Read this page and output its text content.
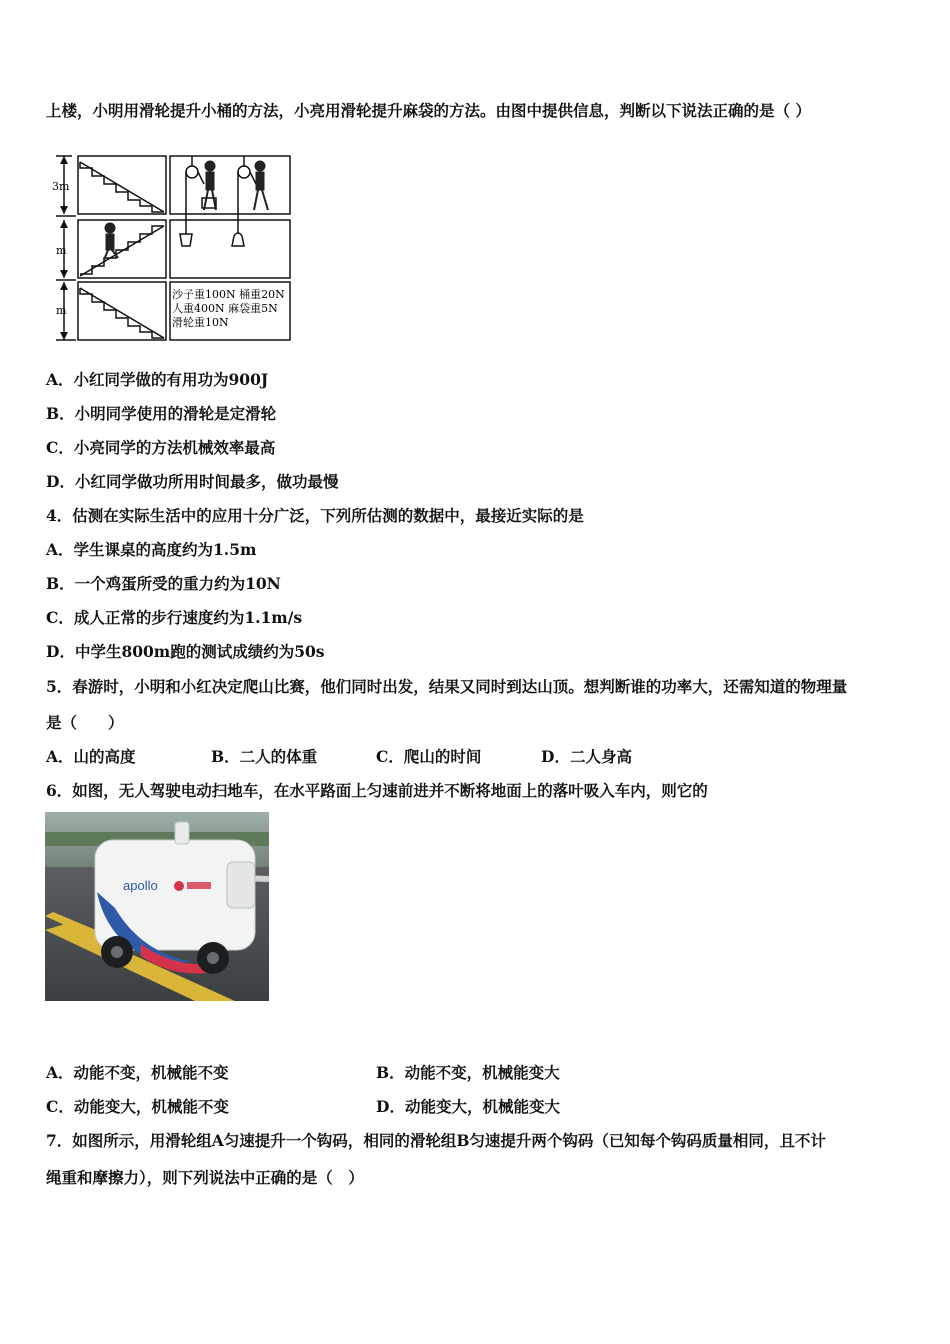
上楼，小明用滑轮提升小桶的方法，小亮用滑轮提升麻袋的方法。由图中提供信息，判断以下说法正确的是（ ）
3m
m
m
沙子重100N 桶重20N
人重400N 麻袋重5N
滑轮重10N
A．小红同学做的有用功为900J
B．小明同学使用的滑轮是定滑轮
C．小亮同学的方法机械效率最高
D．小红同学做功所用时间最多，做功最慢
4．估测在实际生活中的应用十分广泛，下列所估测的数据中，最接近实际的是
A．学生课桌的高度约为1.5m
B．一个鸡蛋所受的重力约为10N
C．成人正常的步行速度约为1.1m/s
D．中学生800m跑的测试成绩约为50s
5．春游时，小明和小红决定爬山比赛，他们同时出发，结果又同时到达山顶。想判断谁的功率大，还需知道的物理量
是（　　）
A．山的高度	B．二人的体重	C．爬山的时间	D．二人身高
6．如图，无人驾驶电动扫地车，在水平路面上匀速前进并不断将地面上的落叶吸入车内，则它的
apollo
A．动能不变，机械能不变	B．动能不变，机械能变大
C．动能变大，机械能不变	D．动能变大，机械能变大
7．如图所示，用滑轮组A匀速提升一个钩码，相同的滑轮组B匀速提升两个钩码（已知每个钩码质量相同，且不计
绳重和摩擦力），则下列说法中正确的是（　）
